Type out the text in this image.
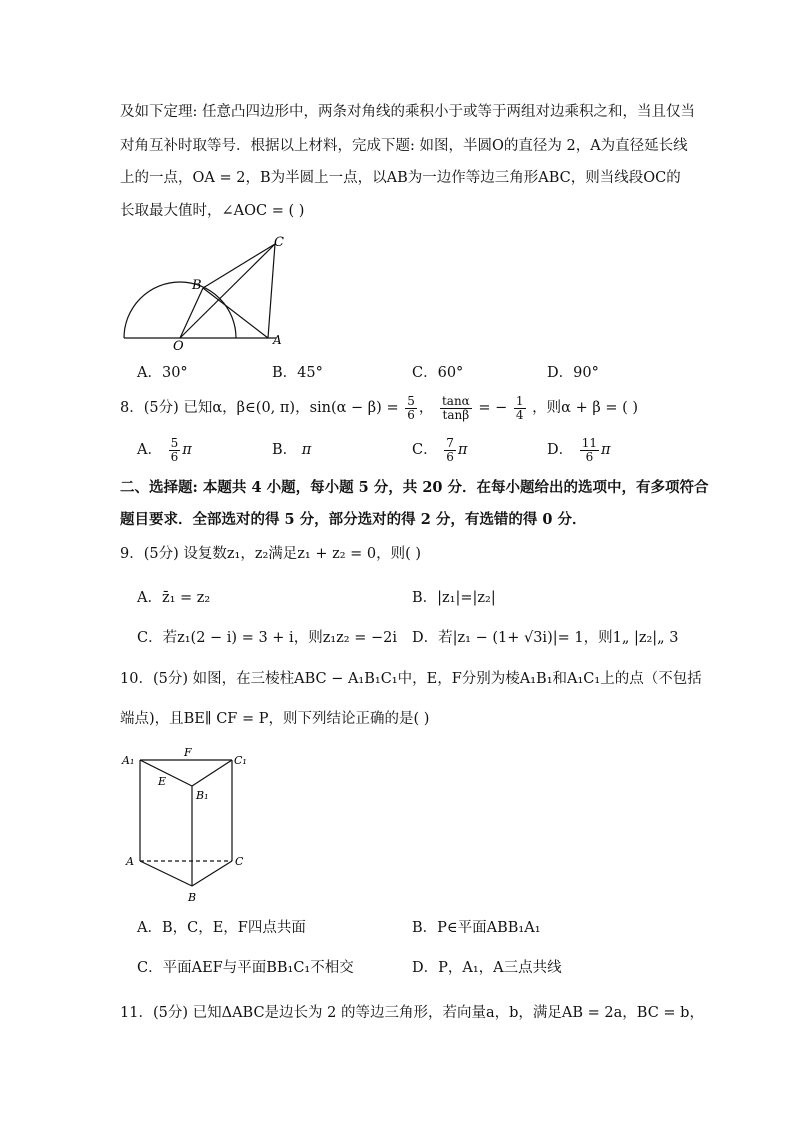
及如下定理: 任意凸四边形中，两条对角线的乘积小于或等于两组对边乘积之和，当且仅当
对角互补时取等号．根据以上材料，完成下题: 如图，半圆O的直径为 2，A为直径延长线
上的一点，OA = 2，B为半圆上一点，以AB为一边作等边三角形ABC，则当线段OC的
长取最大值时，∠AOC = ( )
C
B
O	A
A．30°	B．45°	C．60°	D．90°
8．(5分) 已知α，β∈(0, π)，$\sin(\alpha - \beta) = \frac{5}{6}$ ， $\frac{\tan\alpha}{\tan\beta}$ = − $\frac{1}{4}$ ，则α + β = ( )
A． $\frac{5}{6}$ π	B． π	C． $\frac{7}{6}$ π	D． $\frac{11}{6}$ π
二、选择题: 本题共 4 小题，每小题 5 分，共 20 分．在每小题给出的选项中，有多项符合
题目要求．全部选对的得 5 分，部分选对的得 2 分，有选错的得 0 分．
9．(5分) 设复数z₁，z₂满足z₁ + z₂ = 0，则( )
A．z̄₁ = z₂	B．|z₁|=|z₂|
C．若z₁(2 − i) = 3 + i，则z₁z₂ = −2i D．若|z₁ − (1+ √3i)|= 1，则1„ |z₂|„ 3
10．(5分) 如图，在三棱柱ABC − A₁B₁C₁中，E，F分别为棱A₁B₁和A₁C₁上的点（不包括
端点)，且BE∥ CF = P，则下列结论正确的是( )
A₁
F
C₁
E
B₁
A	C
B
A．B，C，E，F四点共面	B．P∈平面ABB₁A₁
C．平面AEF与平面BB₁C₁不相交	D．P，A₁，A三点共线
11．(5分) 已知ΔABC是边长为 2 的等边三角形，若向量a，b，满足AB = 2a，BC = b，
